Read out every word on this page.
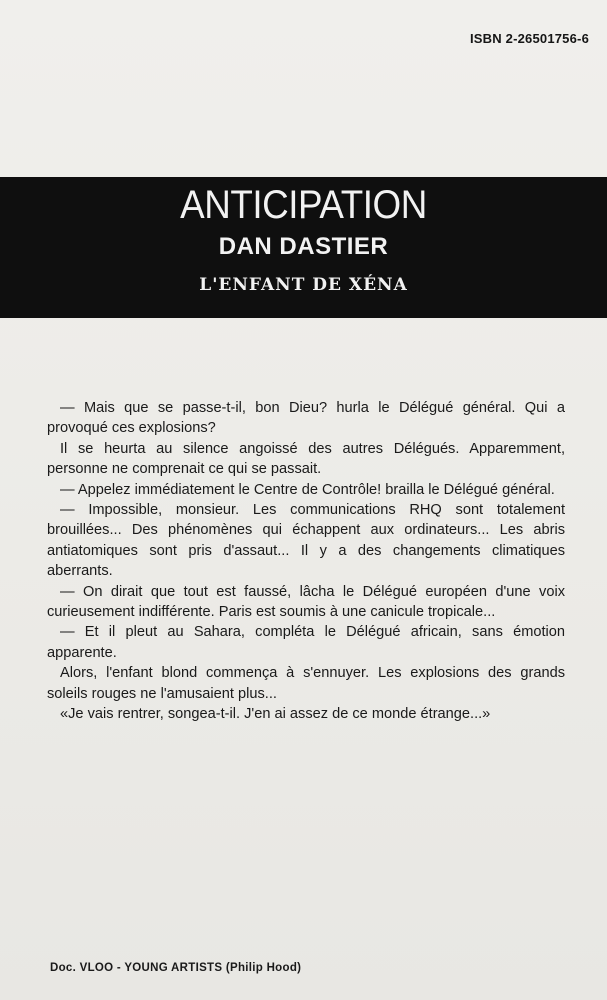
ISBN 2-26501756-6
ANTICIPATION
DAN DASTIER
L'ENFANT DE XÉNA

— Mais que se passe-t-il, bon Dieu? hurla le Délégué général. Qui a provoqué ces explosions?

Il se heurta au silence angoissé des autres Délégués. Apparemment, personne ne comprenait ce qui se passait.

— Appelez immédiatement le Centre de Contrôle! brailla le Délégué général.

— Impossible, monsieur. Les communications RHQ sont totalement brouillées... Des phénomènes qui échappent aux ordinateurs... Les abris antiatomiques sont pris d'assaut... Il y a des changements climatiques aberrants.

— On dirait que tout est faussé, lâcha le Délégué européen d'une voix curieusement indifférente. Paris est soumis à une canicule tropicale...

— Et il pleut au Sahara, compléta le Délégué africain, sans émotion apparente.

Alors, l'enfant blond commença à s'ennuyer. Les explosions des grands soleils rouges ne l'amusaient plus...

«Je vais rentrer, songea-t-il. J'en ai assez de ce monde étrange...»

Doc. VLOO - YOUNG ARTISTS (Philip Hood)
